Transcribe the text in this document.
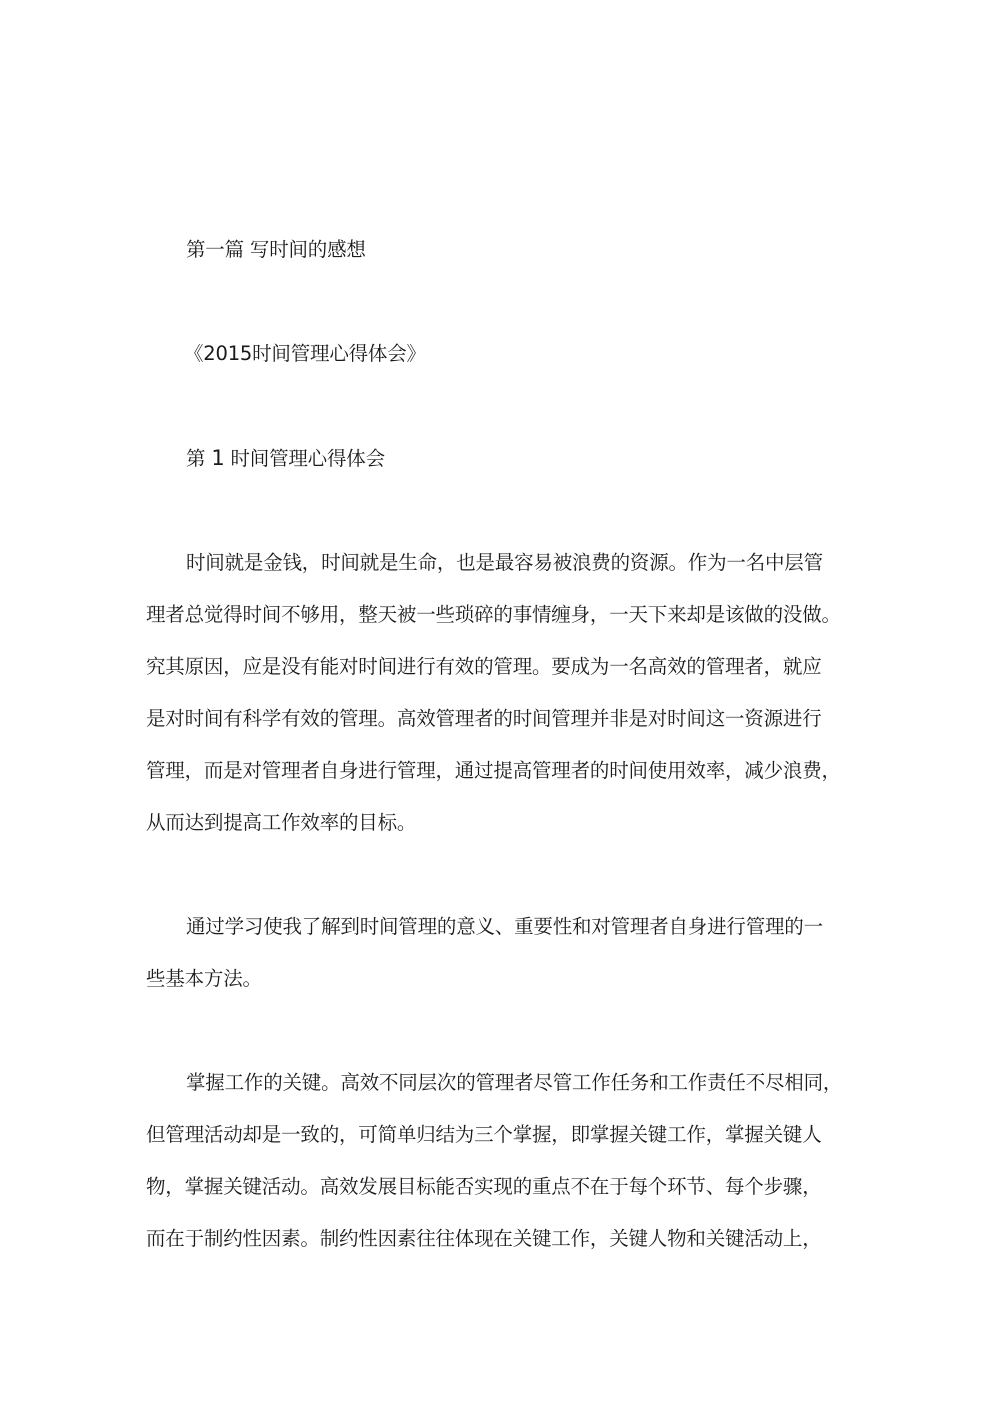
第一篇 写时间的感想
《2015时间管理心得体会》
第 1 时间管理心得体会
时间就是金钱，时间就是生命，也是最容易被浪费的资源。作为一名中层管
理者总觉得时间不够用，整天被一些琐碎的事情缠身，一天下来却是该做的没做。
究其原因，应是没有能对时间进行有效的管理。要成为一名高效的管理者，就应
是对时间有科学有效的管理。高效管理者的时间管理并非是对时间这一资源进行
管理，而是对管理者自身进行管理，通过提高管理者的时间使用效率，减少浪费，
从而达到提高工作效率的目标。
通过学习使我了解到时间管理的意义、重要性和对管理者自身进行管理的一
些基本方法。
掌握工作的关键。高效不同层次的管理者尽管工作任务和工作责任不尽相同，
但管理活动却是一致的，可简单归结为三个掌握，即掌握关键工作，掌握关键人
物，掌握关键活动。高效发展目标能否实现的重点不在于每个环节、每个步骤，
而在于制约性因素。制约性因素往往体现在关键工作，关键人物和关键活动上，
